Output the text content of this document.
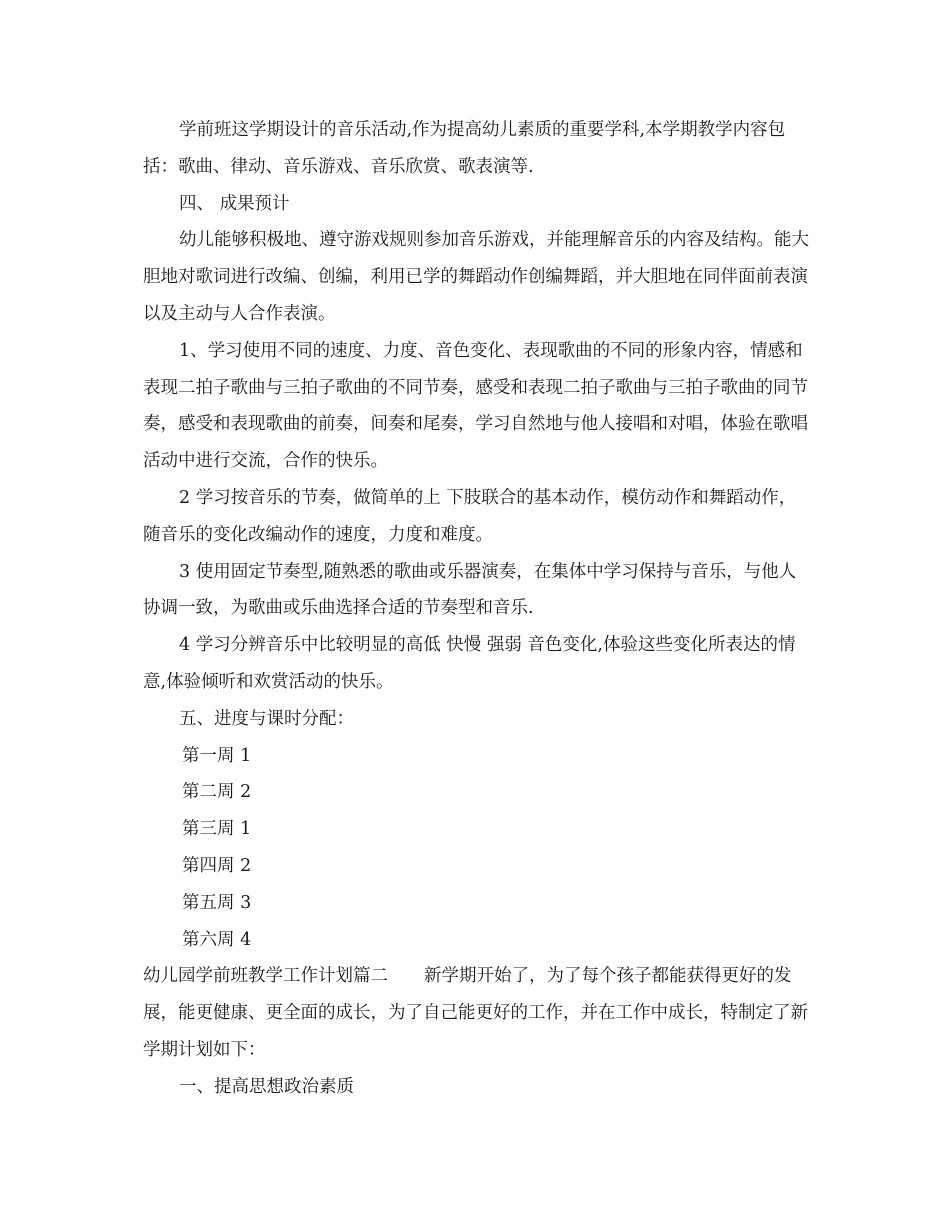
学前班这学期设计的音乐活动,作为提高幼儿素质的重要学科,本学期教学内容包括：歌曲、律动、音乐游戏、音乐欣赏、歌表演等.

四、 成果预计

幼儿能够积极地、遵守游戏规则参加音乐游戏，并能理解音乐的内容及结构。能大胆地对歌词进行改编、创编，利用已学的舞蹈动作创编舞蹈，并大胆地在同伴面前表演以及主动与人合作表演。

1、学习使用不同的速度、力度、音色变化、表现歌曲的不同的形象内容，情感和表现二拍子歌曲与三拍子歌曲的不同节奏，感受和表现二拍子歌曲与三拍子歌曲的同节奏，感受和表现歌曲的前奏，间奏和尾奏，学习自然地与他人接唱和对唱，体验在歌唱活动中进行交流，合作的快乐。

2 学习按音乐的节奏，做简单的上 下肢联合的基本动作，模仿动作和舞蹈动作，随音乐的变化改编动作的速度，力度和难度。

3 使用固定节奏型,随熟悉的歌曲或乐器演奏，在集体中学习保持与音乐，与他人协调一致，为歌曲或乐曲选择合适的节奏型和音乐.

4 学习分辨音乐中比较明显的高低 快慢 强弱 音色变化,体验这些变化所表达的情意,体验倾听和欢赏活动的快乐。

五、进度与课时分配：

第一周 1

第二周 2

第三周 1

第四周 2

第五周 3

第六周 4

幼儿园学前班教学工作计划篇二 新学期开始了，为了每个孩子都能获得更好的发展，能更健康、更全面的成长，为了自己能更好的工作，并在工作中成长，特制定了新学期计划如下：

一、提高思想政治素质
